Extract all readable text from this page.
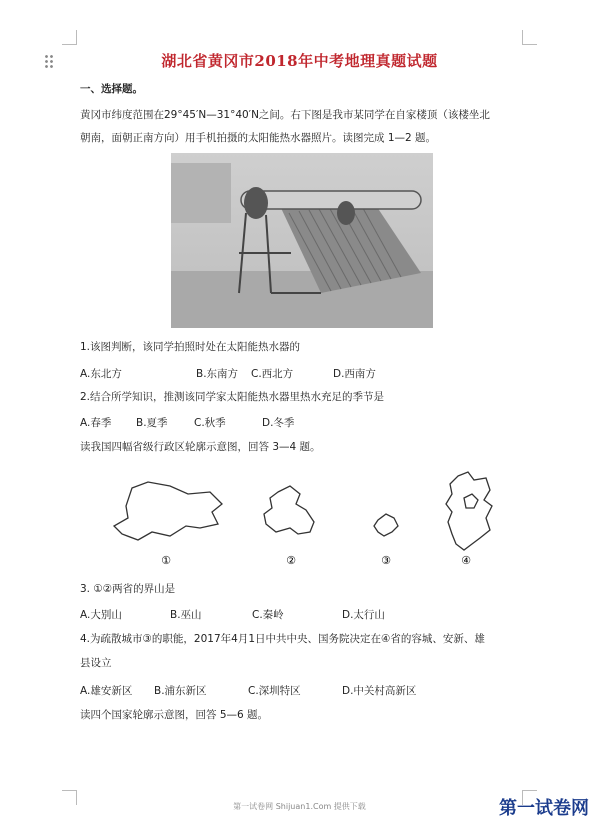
湖北省黄冈市2018年中考地理真题试题
一、选择题。
黄冈市纬度范围在29°45′N—31°40′N之间。右下图是我市某同学在自家楼顶（该楼坐北
朝南，面朝正南方向）用手机拍摄的太阳能热水器照片。读图完成 1—2 题。
1.该图判断，该同学拍照时处在太阳能热水器的
A.东北方	B.东南方 C.西北方	D.西南方
2.结合所学知识，推测该同学家太阳能热水器里热水充足的季节是
A.春季 B.夏季	C.秋季	D.冬季
读我国四幅省级行政区轮廓示意图，回答 3—4 题。
①	②	③	④
3. ①②两省的界山是
A.大别山	B.巫山	C.秦岭	D.太行山
4.为疏散城市③的职能，2017年4月1日中共中央、国务院决定在④省的容城、安新、雄
县设立
A.雄安新区 B.浦东新区	C.深圳特区	D.中关村高新区
读四个国家轮廓示意图，回答 5—6 题。
第一试卷网 Shijuan1.Com 提供下载	第一试卷网
